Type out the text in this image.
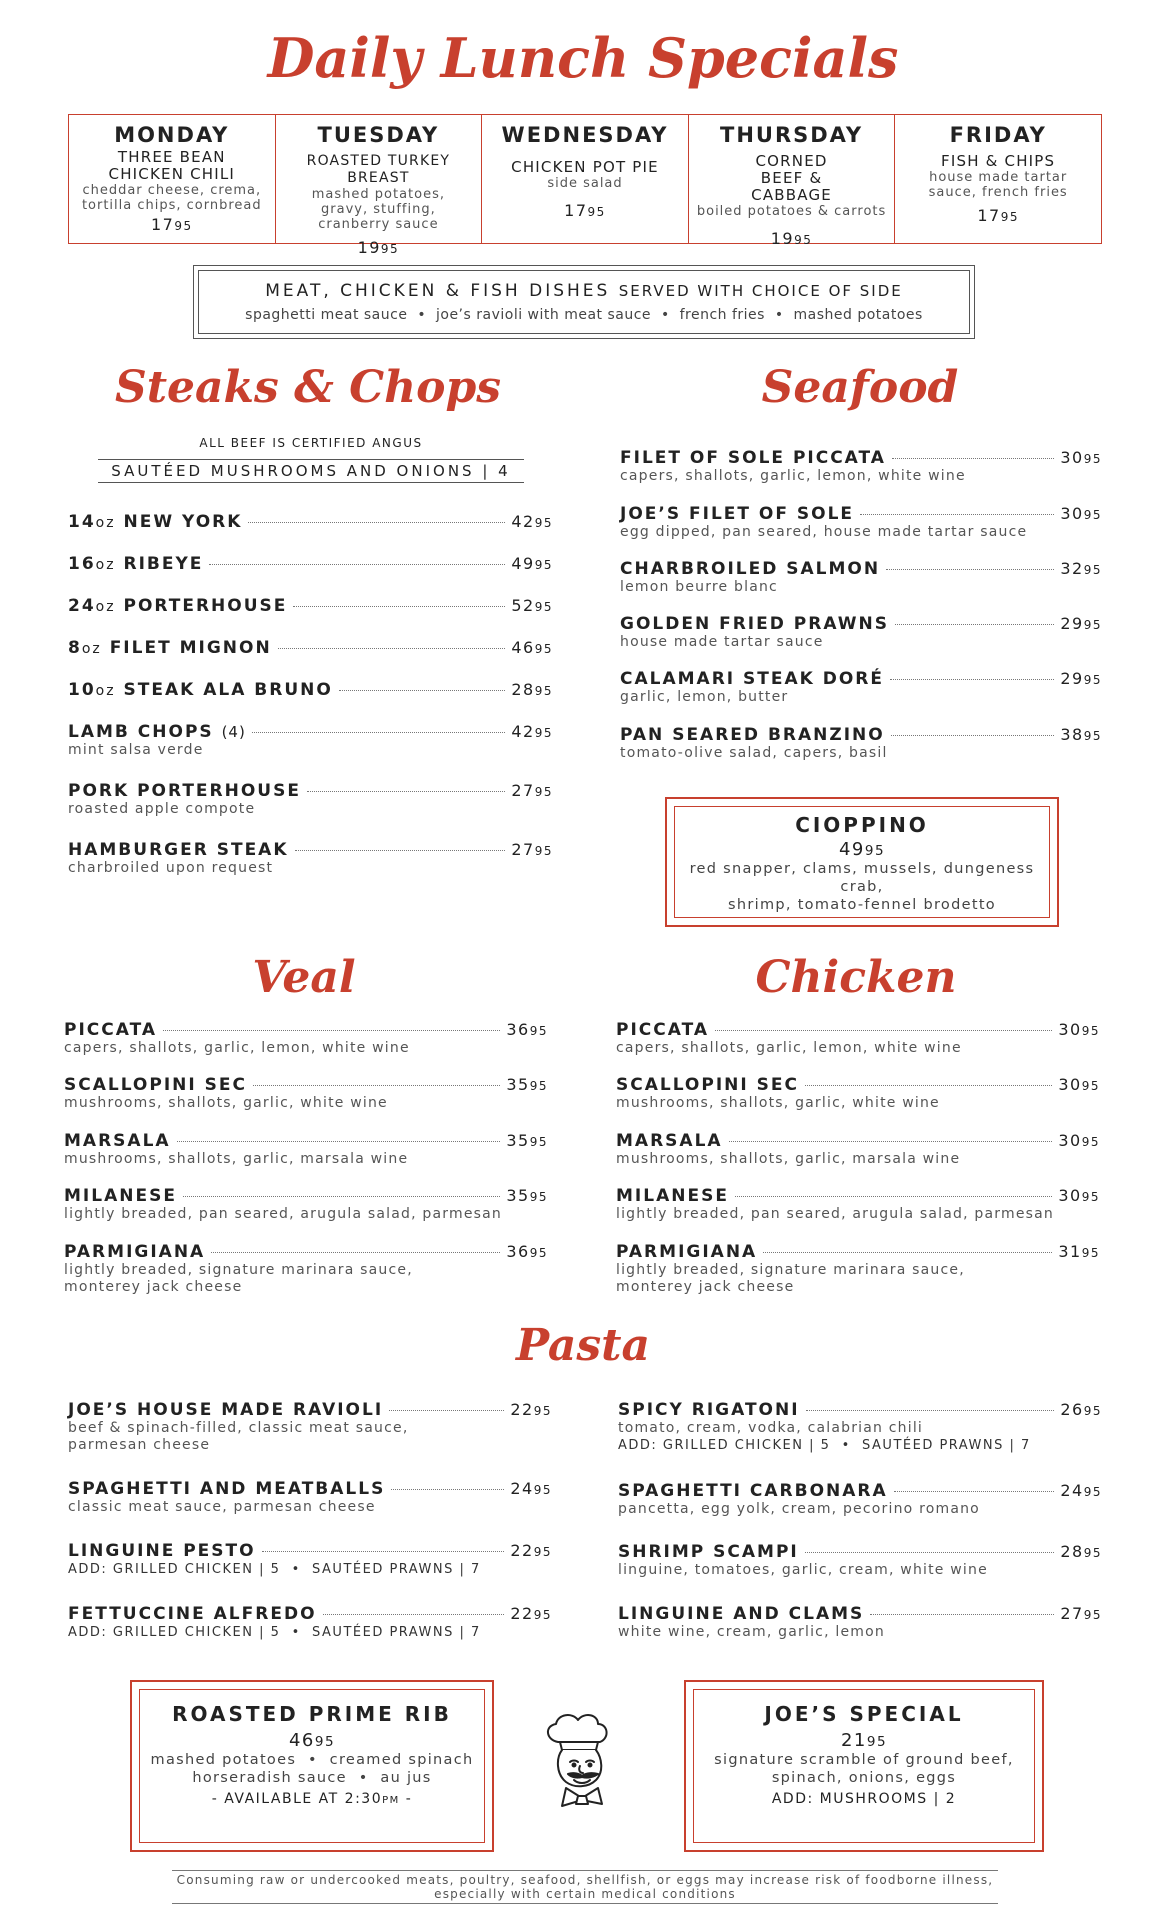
Daily Lunch Specials
MONDAY
THREE BEAN CHICKEN CHILI
cheddar cheese, crema, tortilla chips, cornbread
1795
TUESDAY
ROASTED TURKEY BREAST
mashed potatoes, gravy, stuffing, cranberry sauce
1995
WEDNESDAY
CHICKEN POT PIE
side salad
1795
THURSDAY
CORNED BEEF & CABBAGE
boiled potatoes & carrots
1995
FRIDAY
FISH & CHIPS
house made tartar sauce, french fries
1795
MEAT, CHICKEN & FISH DISHES SERVED WITH CHOICE OF SIDE
spaghetti meat sauce  •  joe’s ravioli with meat sauce  •  french fries  •  mashed potatoes
Steaks & Chops
ALL BEEF IS CERTIFIED ANGUS
SAUTÉED MUSHROOMS AND ONIONS | 4
14oz NEW YORK	4295
16oz RIBEYE	4995
24oz PORTERHOUSE	5295
8oz FILET MIGNON	4695
10oz STEAK ALA BRUNO	2895
LAMB CHOPS (4)	4295
mint salsa verde
PORK PORTERHOUSE	2795
roasted apple compote
HAMBURGER STEAK	2795
charbroiled upon request
Seafood
FILET OF SOLE PICCATA	3095
capers, shallots, garlic, lemon, white wine
JOE’S FILET OF SOLE	3095
egg dipped, pan seared, house made tartar sauce
CHARBROILED SALMON	3295
lemon beurre blanc
GOLDEN FRIED PRAWNS	2995
house made tartar sauce
CALAMARI STEAK DORÉ	2995
garlic, lemon, butter
PAN SEARED BRANZINO	3895
tomato-olive salad, capers, basil
CIOPPINO
4995
red snapper, clams, mussels, dungeness crab,
shrimp, tomato-fennel brodetto
Veal
PICCATA	3695
capers, shallots, garlic, lemon, white wine
SCALLOPINI SEC	3595
mushrooms, shallots, garlic, white wine
MARSALA	3595
mushrooms, shallots, garlic, marsala wine
MILANESE	3595
lightly breaded, pan seared, arugula salad, parmesan
PARMIGIANA	3695
lightly breaded, signature marinara sauce,
monterey jack cheese
Chicken
PICCATA	3095
capers, shallots, garlic, lemon, white wine
SCALLOPINI SEC	3095
mushrooms, shallots, garlic, white wine
MARSALA	3095
mushrooms, shallots, garlic, marsala wine
MILANESE	3095
lightly breaded, pan seared, arugula salad, parmesan
PARMIGIANA	3195
lightly breaded, signature marinara sauce,
monterey jack cheese
Pasta
JOE’S HOUSE MADE RAVIOLI	2295
beef & spinach-filled, classic meat sauce,
parmesan cheese
SPAGHETTI AND MEATBALLS	2495
classic meat sauce, parmesan cheese
LINGUINE PESTO	2295
ADD: GRILLED CHICKEN | 5  •  SAUTÉED PRAWNS | 7
FETTUCCINE ALFREDO	2295
ADD: GRILLED CHICKEN | 5  •  SAUTÉED PRAWNS | 7
SPICY RIGATONI	2695
tomato, cream, vodka, calabrian chili
ADD: GRILLED CHICKEN | 5  •  SAUTÉED PRAWNS | 7
SPAGHETTI CARBONARA	2495
pancetta, egg yolk, cream, pecorino romano
SHRIMP SCAMPI	2895
linguine, tomatoes, garlic, cream, white wine
LINGUINE AND CLAMS	2795
white wine, cream, garlic, lemon
ROASTED PRIME RIB
4695
mashed potatoes  •  creamed spinach
horseradish sauce  •  au jus
- AVAILABLE AT 2:30PM -
JOE’S SPECIAL
2195
signature scramble of ground beef,
spinach, onions, eggs
ADD: MUSHROOMS | 2
Consuming raw or undercooked meats, poultry, seafood, shellfish, or eggs may increase risk of foodborne illness,
especially with certain medical conditions
